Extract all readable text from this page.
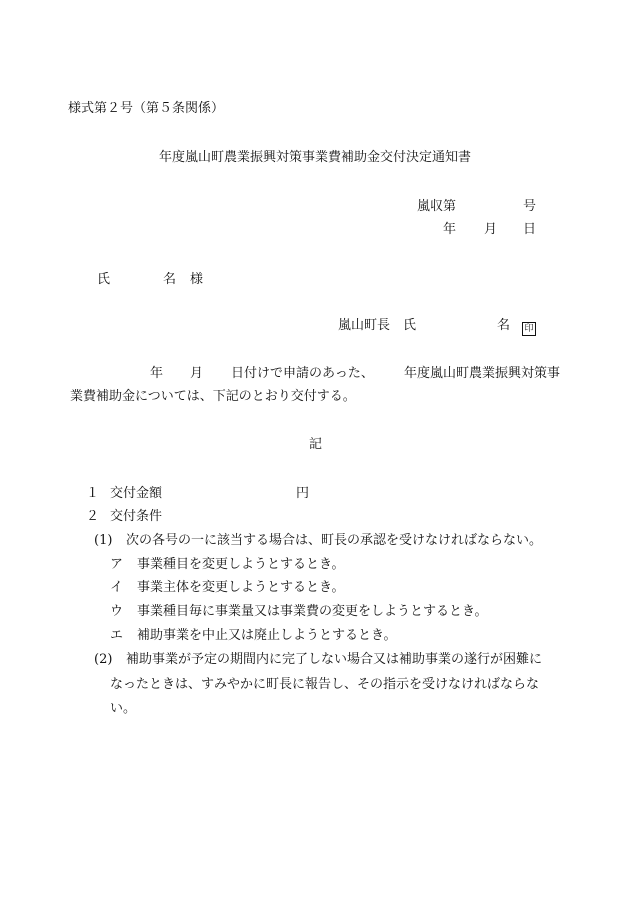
様式第２号（第５条関係）
年度嵐山町農業振興対策事業費補助金交付決定通知書
嵐収第	号
年 月 日
氏	名 様
嵐山町長 氏	名 印
年 月 日付けで申請のあった、 年度嵐山町農業振興対策事
業費補助金については、下記のとおり交付する。
記
１ 交付金額	円
２ 交付条件
(1) 次の各号の一に該当する場合は、町長の承認を受けなければならない。
ア 事業種目を変更しようとするとき。
イ 事業主体を変更しようとするとき。
ウ 事業種目毎に事業量又は事業費の変更をしようとするとき。
エ 補助事業を中止又は廃止しようとするとき。
(2) 補助事業が予定の期間内に完了しない場合又は補助事業の遂行が困難に
なったときは、すみやかに町長に報告し、その指示を受けなければならな
い。
